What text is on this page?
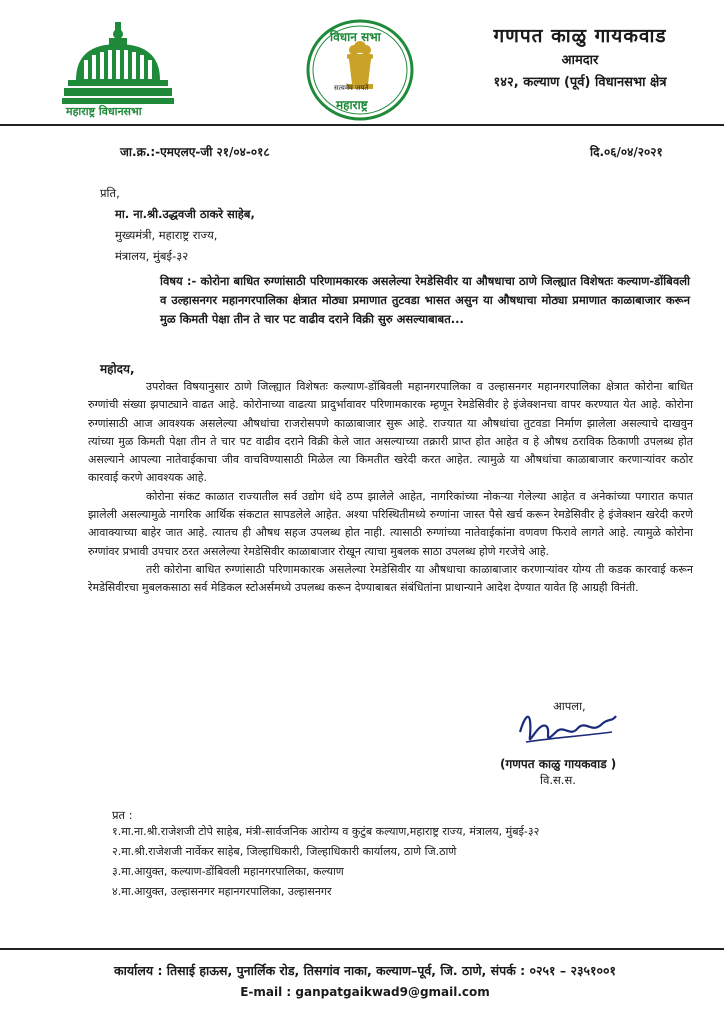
महाराष्ट्र विधानसभा
विधान सभा
सत्यमेव जयते
महाराष्ट्र
गणपत काळु गायकवाड
आमदार
१४२, कल्याण (पूर्व) विधानसभा क्षेत्र
जा.क्र.:-एमएलए-जी २१/०४-०१८	दि.०६/०४/२०२१
प्रति,
मा. ना.श्री.उद्धवजी ठाकरे साहेब,
मुख्यमंत्री, महाराष्ट्र राज्य,
मंत्रालय, मुंबई-३२
विषय :- कोरोना बाधित रुग्णांसाठी परिणामकारक असलेल्या रेमडेसिवीर या औषधाचा ठाणे जिल्ह्यात विशेषतः कल्याण-डोंबिवली व उल्हासनगर महानगरपालिका क्षेत्रात मोठ्या प्रमाणात तुटवडा भासत असुन या औषधाचा मोठ्या प्रमाणात काळाबाजार करून मुळ किमती पेक्षा तीन ते चार पट वाढीव दराने विक्री सुरु असल्याबाबत...
महोदय,

उपरोक्त विषयानुसार ठाणे जिल्ह्यात विशेषतः कल्याण-डोंबिवली महानगरपालिका व उल्हासनगर महानगरपालिका क्षेत्रात कोरोना बाधित रुग्णांची संख्या झपाट्याने वाढत आहे. कोरोनाच्या वाढत्या प्रादुर्भावावर परिणामकारक म्हणून रेमडेसिवीर हे इंजेक्शनचा वापर करण्यात येत आहे. कोरोना रुग्णांसाठी आज आवश्यक असलेल्या औषधांचा राजरोसपणे काळाबाजार सुरू आहे. राज्यात या औषधांचा तुटवडा निर्माण झालेला असल्याचे दाखवुन त्यांच्या मुळ किमती पेक्षा तीन ते चार पट वाढीव दराने विक्री केले जात असल्याच्या तक्रारी प्राप्त होत आहेत व हे औषध ठराविक ठिकाणी उपलब्ध होत असल्याने आपल्या नातेवाईकाचा जीव वाचविण्यासाठी मिळेल त्या किमतीत खरेदी करत आहेत. त्यामुळे या औषधांचा काळाबाजार करणाऱ्यांवर कठोर कारवाई करणे आवश्यक आहे.

कोरोना संकट काळात राज्यातील सर्व उद्योग धंदे ठप्प झालेले आहेत, नागरिकांच्या नोकऱ्या गेलेल्या आहेत व अनेकांच्या पगारात कपात झालेली असल्यामुळे नागरिक आर्थिक संकटात सापडलेले आहेत. अश्या परिस्थितीमध्ये रुग्णांना जास्त पैसे खर्च करून रेमडेसिवीर हे इंजेक्शन खरेदी करणे आवाक्याच्या बाहेर जात आहे. त्यातच ही औषध सहज उपलब्ध होत नाही. त्यासाठी रुग्णांच्या नातेवाईकांना वणवण फिरावे लागते आहे. त्यामुळे कोरोना रुग्णांवर प्रभावी उपचार ठरत असलेल्या रेमडेसिवीर काळाबाजार रोखून त्याचा मुबलक साठा उपलब्ध होणे गरजेचे आहे.

तरी कोरोना बाधित रुग्णांसाठी परिणामकारक असलेल्या रेमडेसिवीर या औषधाचा काळाबाजार करणाऱ्यांवर योग्य ती कडक कारवाई करून रेमडेसिवीरचा मुबलकसाठा सर्व मेडिकल स्टोअर्समध्ये उपलब्ध करून देण्याबाबत संबंधितांना प्राधान्याने आदेश देण्यात यावेत हि आग्रही विनंती.

आपला,
(गणपत काळु गायकवाड )
वि.स.स.
प्रत :
१.मा.ना.श्री.राजेशजी टोपे साहेब, मंत्री-सार्वजनिक आरोग्य व कुटुंब कल्याण,महाराष्ट्र राज्य, मंत्रालय, मुंबई-३२
२.मा.श्री.राजेशजी नार्वेकर साहेब, जिल्हाधिकारी, जिल्हाधिकारी कार्यालय, ठाणे जि.ठाणे
३.मा.आयुक्त, कल्याण-डोंबिवली महानगरपालिका, कल्याण
४.मा.आयुक्त, उल्हासनगर महानगरपालिका, उल्हासनगर
कार्यालय : तिसाई हाऊस, पुनार्लिक रोड, तिसगांव नाका, कल्याण–पूर्व, जि. ठाणे, संपर्क : ०२५१ – २३५१००१
E-mail : ganpatgaikwad9@gmail.com
